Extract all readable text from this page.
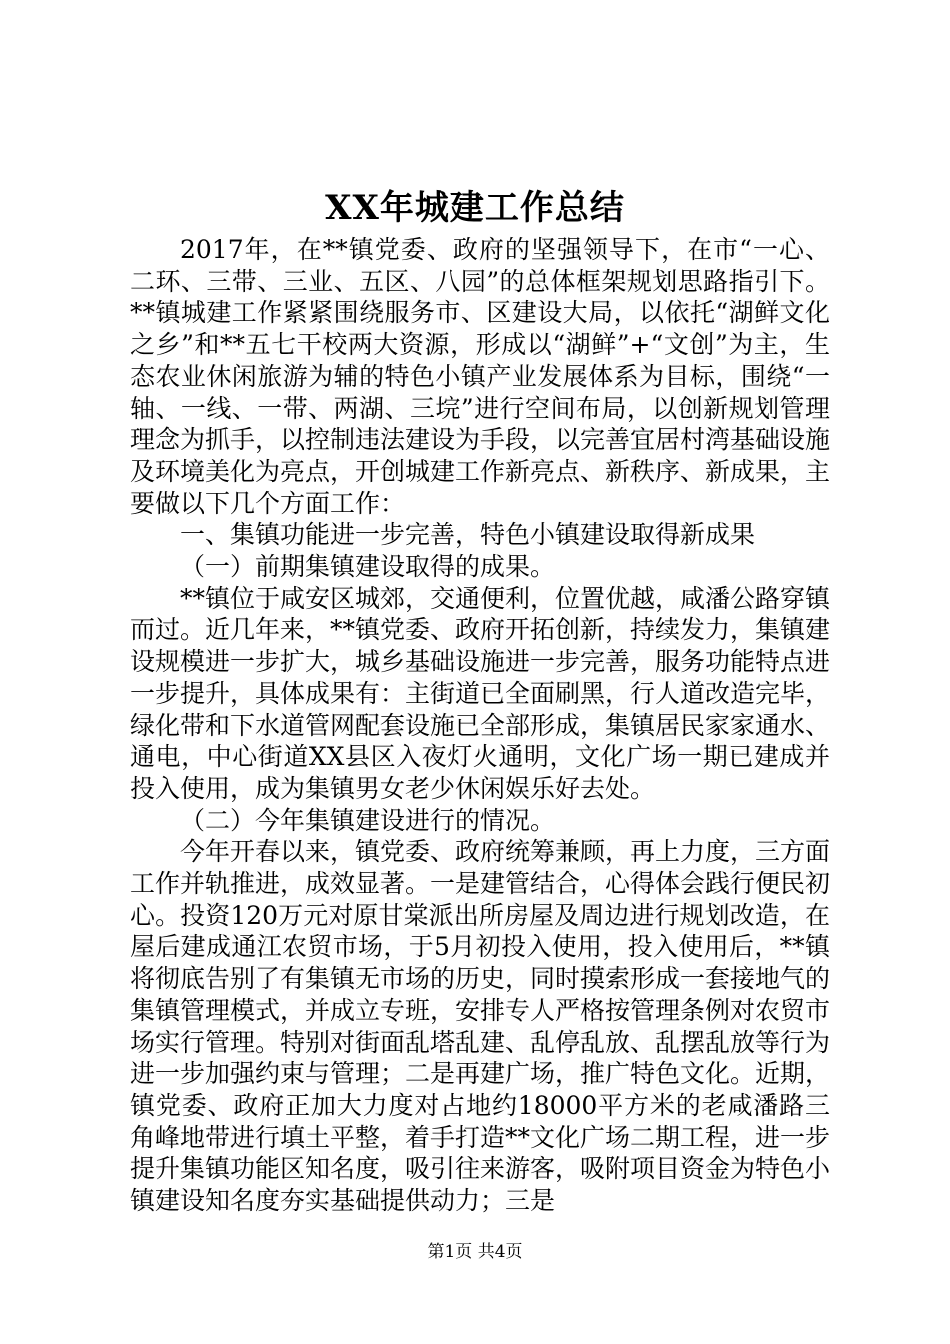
XX年城建工作总结

2017年，在**镇党委、政府的坚强领导下，在市“一心、二环、三带、三业、五区、八园”的总体框架规划思路指引下。**镇城建工作紧紧围绕服务市、区建设大局，以依托“湖鲜文化之乡”和**五七干校两大资源，形成以“湖鲜”+“文创”为主，生态农业休闲旅游为辅的特色小镇产业发展体系为目标，围绕“一轴、一线、一带、两湖、三垸”进行空间布局，以创新规划管理理念为抓手，以控制违法建设为手段，以完善宜居村湾基础设施及环境美化为亮点，开创城建工作新亮点、新秩序、新成果，主要做以下几个方面工作：

一、集镇功能进一步完善，特色小镇建设取得新成果

（一）前期集镇建设取得的成果。

**镇位于咸安区城郊，交通便利，位置优越，咸潘公路穿镇而过。近几年来，**镇党委、政府开拓创新，持续发力，集镇建设规模进一步扩大，城乡基础设施进一步完善，服务功能特点进一步提升，具体成果有：主街道已全面刷黑，行人道改造完毕，绿化带和下水道管网配套设施已全部形成，集镇居民家家通水、通电，中心街道XX县区入夜灯火通明，文化广场一期已建成并投入使用，成为集镇男女老少休闲娱乐好去处。

（二）今年集镇建设进行的情况。

今年开春以来，镇党委、政府统筹兼顾，再上力度，三方面工作并轨推进，成效显著。一是建管结合，心得体会践行便民初心。投资120万元对原甘棠派出所房屋及周边进行规划改造，在屋后建成通江农贸市场，于5月初投入使用，投入使用后，**镇将彻底告别了有集镇无市场的历史，同时摸索形成一套接地气的集镇管理模式，并成立专班，安排专人严格按管理条例对农贸市场实行管理。特别对街面乱塔乱建、乱停乱放、乱摆乱放等行为进一步加强约束与管理；二是再建广场，推广特色文化。近期，镇党委、政府正加大力度对占地约18000平方米的老咸潘路三角峰地带进行填土平整，着手打造**文化广场二期工程，进一步提升集镇功能区知名度，吸引往来游客，吸附项目资金为特色小镇建设知名度夯实基础提供动力；三是

第1页 共4页
